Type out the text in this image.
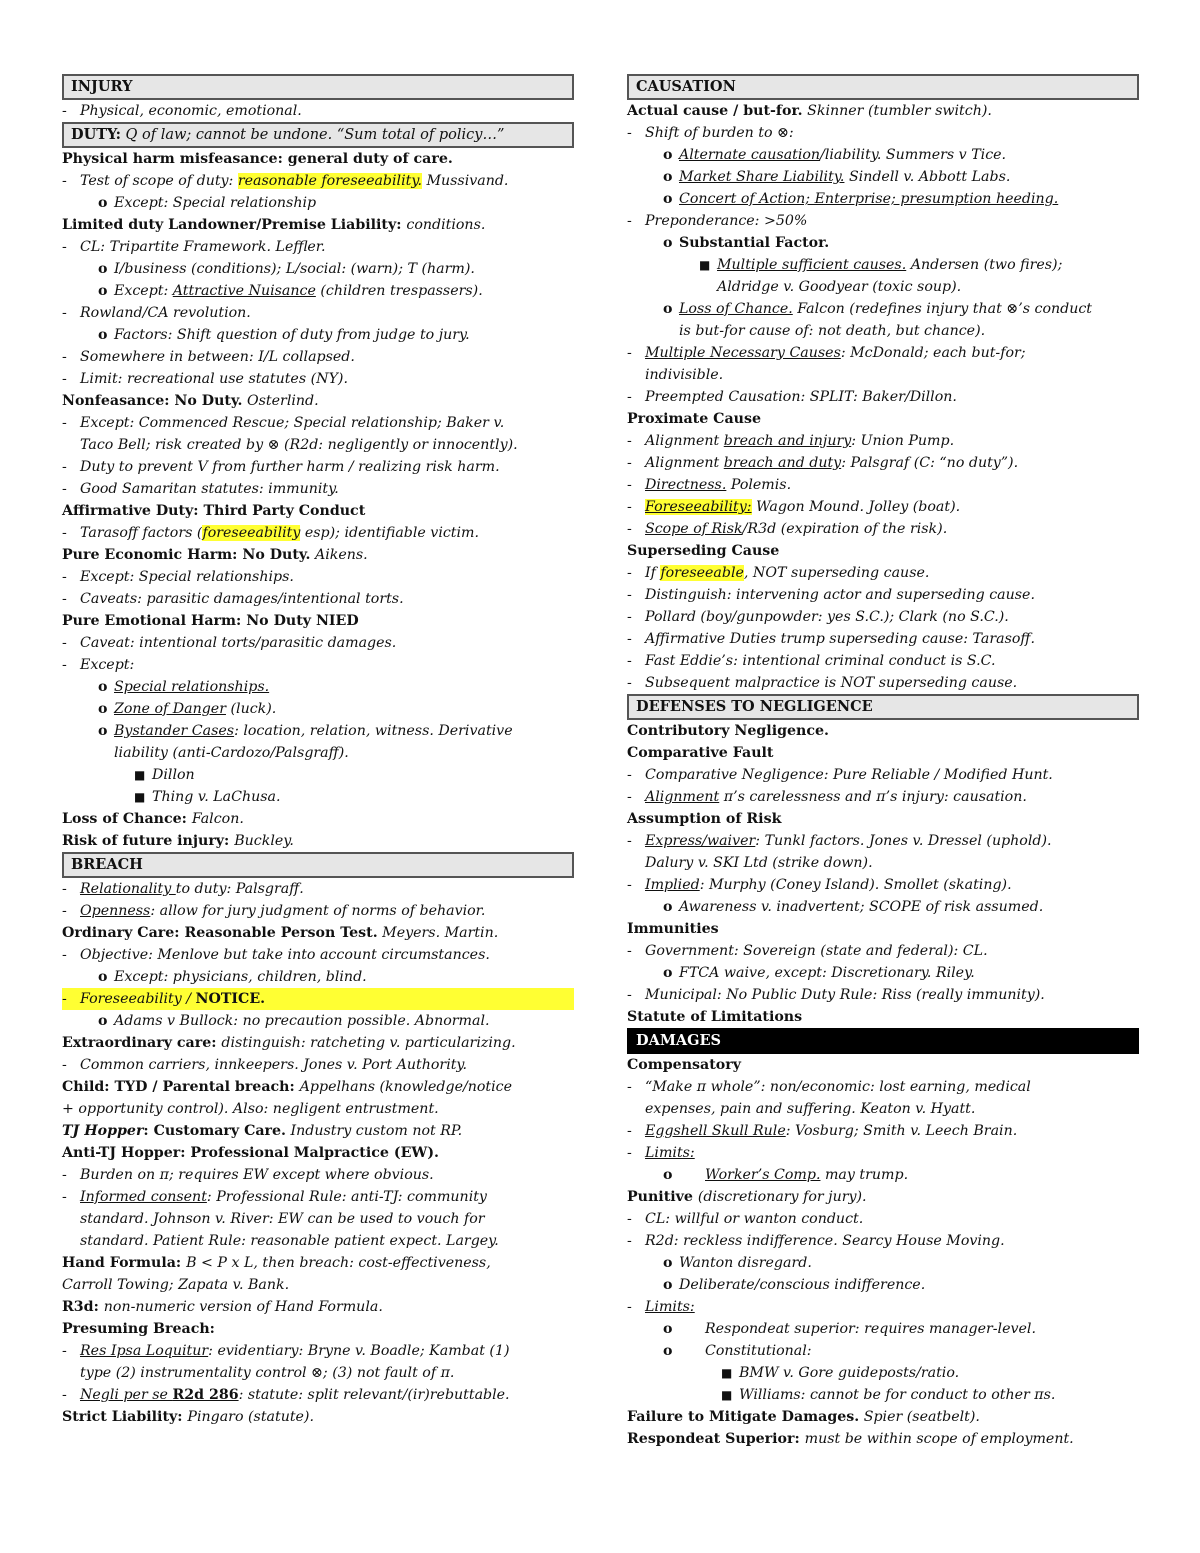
INJURY
- Physical, economic, emotional.
DUTY: Q of law; cannot be undone. “Sum total of policy…”
Physical harm misfeasance: general duty of care.
- Test of scope of duty: reasonable foreseeability. Mussivand.
o Except: Special relationship
Limited duty Landowner/Premise Liability: conditions.
- CL: Tripartite Framework. Leffler.
o I/business (conditions); L/social: (warn); T (harm).
o Except: Attractive Nuisance (children trespassers).
- Rowland/CA revolution.
o Factors: Shift question of duty from judge to jury.
- Somewhere in between: I/L collapsed.
- Limit: recreational use statutes (NY).
Nonfeasance: No Duty. Osterlind.
- Except: Commenced Rescue; Special relationship; Baker v.
Taco Bell; risk created by ⊗ (R2d: negligently or innocently).
- Duty to prevent V from further harm / realizing risk harm.
- Good Samaritan statutes: immunity.
Affirmative Duty: Third Party Conduct
- Tarasoff factors (foreseeability esp); identifiable victim.
Pure Economic Harm: No Duty. Aikens.
- Except: Special relationships.
- Caveats: parasitic damages/intentional torts.
Pure Emotional Harm: No Duty NIED
- Caveat: intentional torts/parasitic damages.
- Except:
o Special relationships.
o Zone of Danger (luck).
o Bystander Cases: location, relation, witness. Derivative
liability (anti-Cardozo/Palsgraff).
■ Dillon
■ Thing v. LaChusa.
Loss of Chance: Falcon.
Risk of future injury: Buckley.
BREACH
- Relationality to duty: Palsgraff.
- Openness: allow for jury judgment of norms of behavior.
Ordinary Care: Reasonable Person Test. Meyers. Martin.
- Objective: Menlove but take into account circumstances.
o Except: physicians, children, blind.
- Foreseeability / NOTICE.
o Adams v Bullock: no precaution possible. Abnormal.
Extraordinary care: distinguish: ratcheting v. particularizing.
- Common carriers, innkeepers. Jones v. Port Authority.
Child: TYD / Parental breach: Appelhans (knowledge/notice
+ opportunity control). Also: negligent entrustment.
TJ Hopper: Customary Care. Industry custom not RP.
Anti-TJ Hopper: Professional Malpractice (EW).
- Burden on π; requires EW except where obvious.
- Informed consent: Professional Rule: anti-TJ: community
standard. Johnson v. River: EW can be used to vouch for
standard. Patient Rule: reasonable patient expect. Largey.
Hand Formula: B < P x L, then breach: cost-effectiveness,
Carroll Towing; Zapata v. Bank.
R3d: non-numeric version of Hand Formula.
Presuming Breach:
- Res Ipsa Loquitur: evidentiary: Bryne v. Boadle; Kambat (1)
type (2) instrumentality control ⊗; (3) not fault of π.
- Negli per se R2d 286: statute: split relevant/(ir)rebuttable.
Strict Liability: Pingaro (statute).
CAUSATION
Actual cause / but-for. Skinner (tumbler switch).
- Shift of burden to ⊗:
o Alternate causation/liability. Summers v Tice.
o Market Share Liability. Sindell v. Abbott Labs.
o Concert of Action; Enterprise; presumption heeding.
- Preponderance: >50%
o Substantial Factor.
■ Multiple sufficient causes. Andersen (two fires);
Aldridge v. Goodyear (toxic soup).
o Loss of Chance. Falcon (redefines injury that ⊗’s conduct
is but-for cause of: not death, but chance).
- Multiple Necessary Causes: McDonald; each but-for;
indivisible.
- Preempted Causation: SPLIT: Baker/Dillon.
Proximate Cause
- Alignment breach and injury: Union Pump.
- Alignment breach and duty: Palsgraf (C: “no duty”).
- Directness. Polemis.
- Foreseeability: Wagon Mound. Jolley (boat).
- Scope of Risk/R3d (expiration of the risk).
Superseding Cause
- If foreseeable, NOT superseding cause.
- Distinguish: intervening actor and superseding cause.
- Pollard (boy/gunpowder: yes S.C.); Clark (no S.C.).
- Affirmative Duties trump superseding cause: Tarasoff.
- Fast Eddie’s: intentional criminal conduct is S.C.
- Subsequent malpractice is NOT superseding cause.
DEFENSES TO NEGLIGENCE
Contributory Negligence.
Comparative Fault
- Comparative Negligence: Pure Reliable / Modified Hunt.
- Alignment π’s carelessness and π’s injury: causation.
Assumption of Risk
- Express/waiver: Tunkl factors. Jones v. Dressel (uphold).
Dalury v. SKI Ltd (strike down).
- Implied: Murphy (Coney Island). Smollet (skating).
o Awareness v. inadvertent; SCOPE of risk assumed.
Immunities
- Government: Sovereign (state and federal): CL.
o FTCA waive, except: Discretionary. Riley.
- Municipal: No Public Duty Rule: Riss (really immunity).
Statute of Limitations
DAMAGES
Compensatory
- “Make π whole”: non/economic: lost earning, medical
expenses, pain and suffering. Keaton v. Hyatt.
- Eggshell Skull Rule: Vosburg; Smith v. Leech Brain.
- Limits:
o Worker’s Comp. may trump.
Punitive (discretionary for jury).
- CL: willful or wanton conduct.
- R2d: reckless indifference. Searcy House Moving.
o Wanton disregard.
o Deliberate/conscious indifference.
- Limits:
o Respondeat superior: requires manager-level.
o Constitutional:
■ BMW v. Gore guideposts/ratio.
■ Williams: cannot be for conduct to other πs.
Failure to Mitigate Damages. Spier (seatbelt).
Respondeat Superior: must be within scope of employment.
